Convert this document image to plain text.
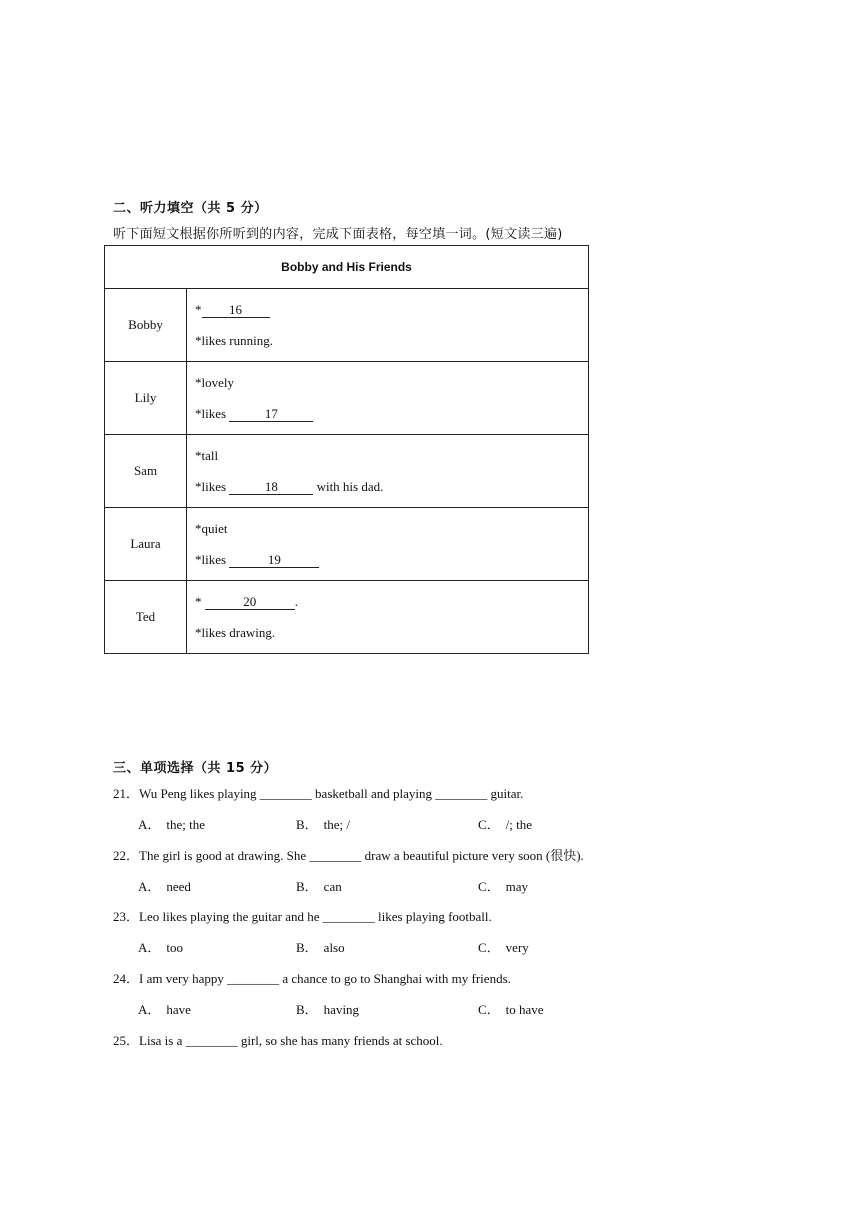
二、听力填空（共 5 分）
听下面短文根据你所听到的内容，完成下面表格，每空填一词。(短文读三遍)
Bobby and His Friends	
Bobby	* 16
*likes running.

Lily	*lovely
*likes 17

Sam	*tall
*likes 18 with his dad.

Laura	*quiet
*likes 19

Ted	* 20 .
*likes drawing.
三、单项选择（共 15 分）
21．Wu Peng likes playing ________ basketball and playing ________ guitar.
A． the; the	B． the; /	C． /; the
22．The girl is good at drawing. She ________ draw a beautiful picture very soon (很快).
A． need	B． can	C． may
23．Leo likes playing the guitar and he ________ likes playing football.
A． too	B． also	C． very
24．I am very happy ________ a chance to go to Shanghai with my friends.
A． have	B． having	C． to have
25．Lisa is a ________ girl, so she has many friends at school.
